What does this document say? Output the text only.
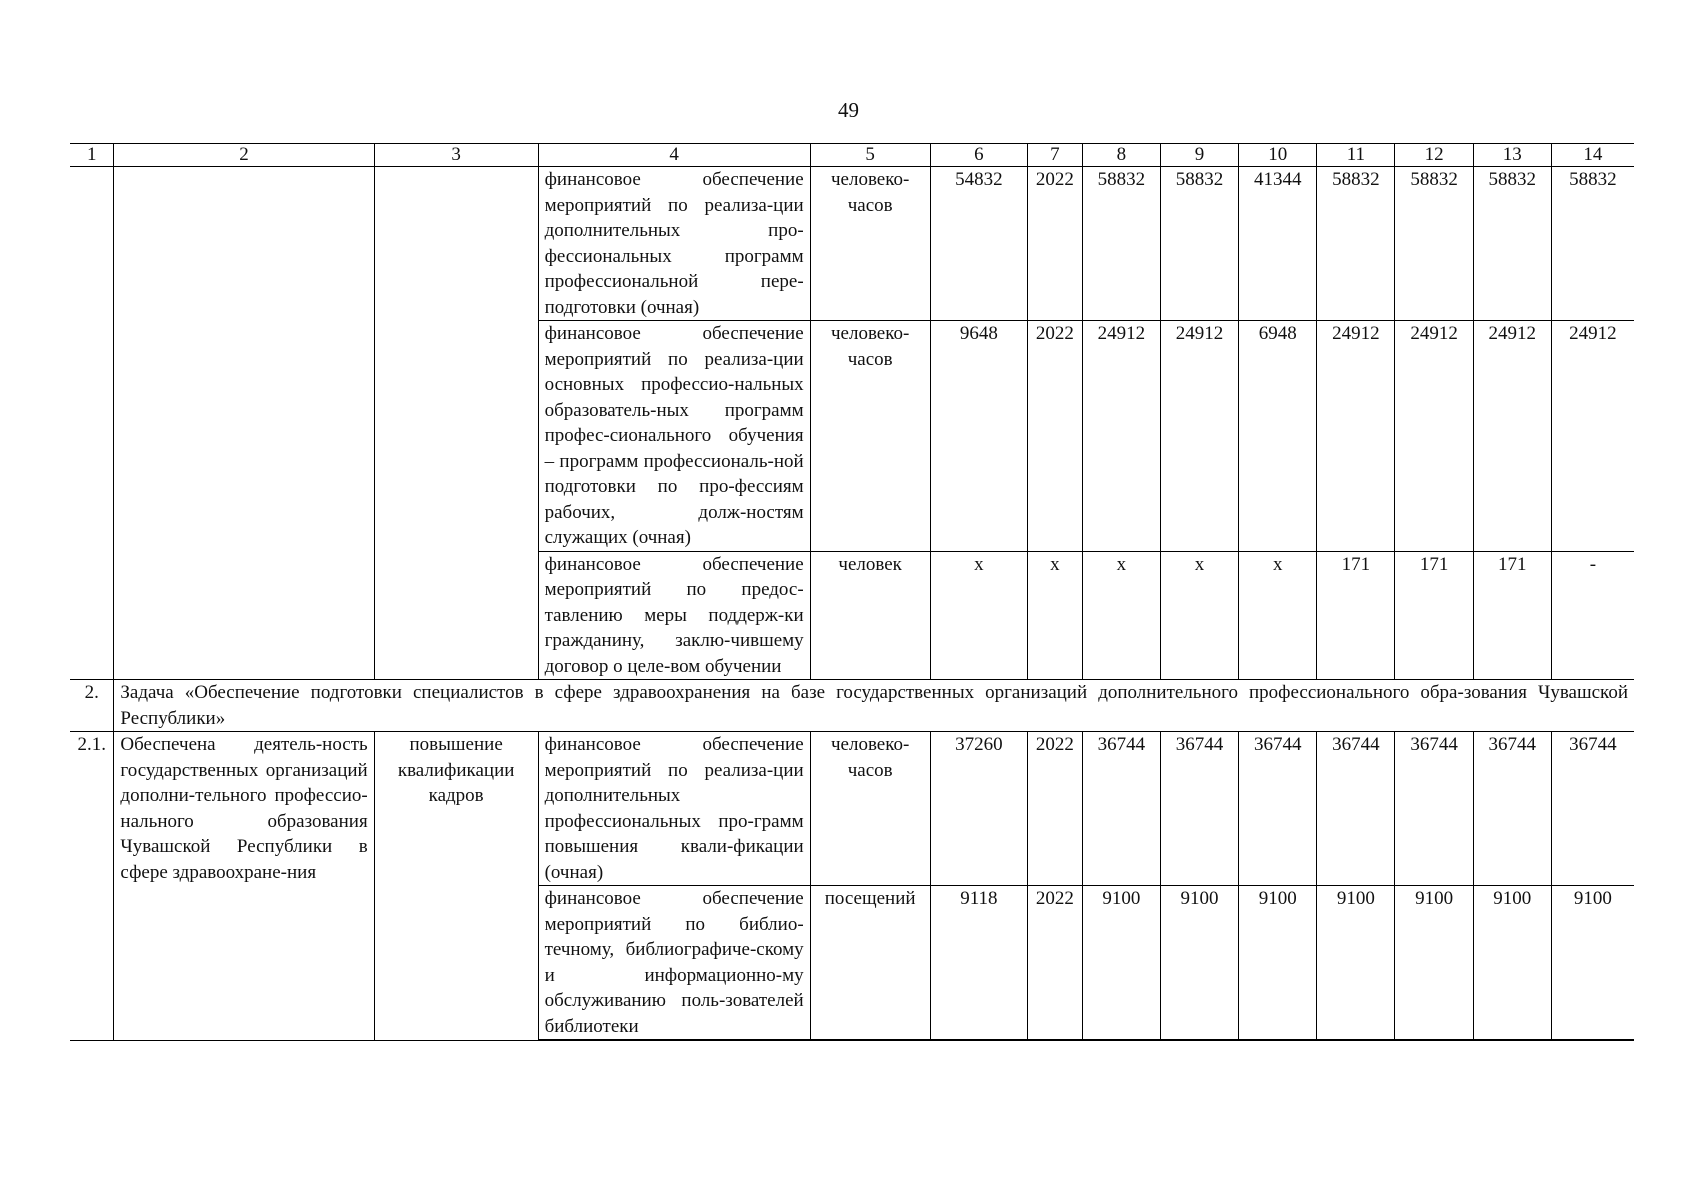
49
1	2	3	4	5	6	7	8	9	10	11	12	13	14
			финансовое обеспечение мероприятий по реализа-ции дополнительных про-фессиональных программ профессиональной пере-подготовки (очная)	человеко-часов	54832	2022	58832	58832	41344	58832	58832	58832	58832
			финансовое обеспечение мероприятий по реализа-ции основных профессио-нальных образователь-ных программ профес-сионального обучения – программ профессиональ-ной подготовки по про-фессиям рабочих, долж-ностям служащих (очная)	человеко-часов	9648	2022	24912	24912	6948	24912	24912	24912	24912
			финансовое обеспечение мероприятий по предос-тавлению меры поддерж-ки гражданину, заклю-чившему договор о целе-вом обучении	человек	x	x	x	x	x	171	171	171	-
2.	Задача «Обеспечение подготовки специалистов в сфере здравоохранения на базе государственных организаций дополнительного профессионального обра-зования Чувашской Республики»												
2.1.	Обеспечена деятель-ность государственных организаций дополни-тельного профессио-нального образования Чувашской Республики в сфере здравоохране-ния	повышение квалификации кадров	финансовое обеспечение мероприятий по реализа-ции дополнительных профессиональных про-грамм повышения квали-фикации (очная)	человеко-часов	37260	2022	36744	36744	36744	36744	36744	36744	36744
			финансовое обеспечение мероприятий по библио-течному, библиографиче-скому и информационно-му обслуживанию поль-зователей библиотеки	посещений	9118	2022	9100	9100	9100	9100	9100	9100	9100
